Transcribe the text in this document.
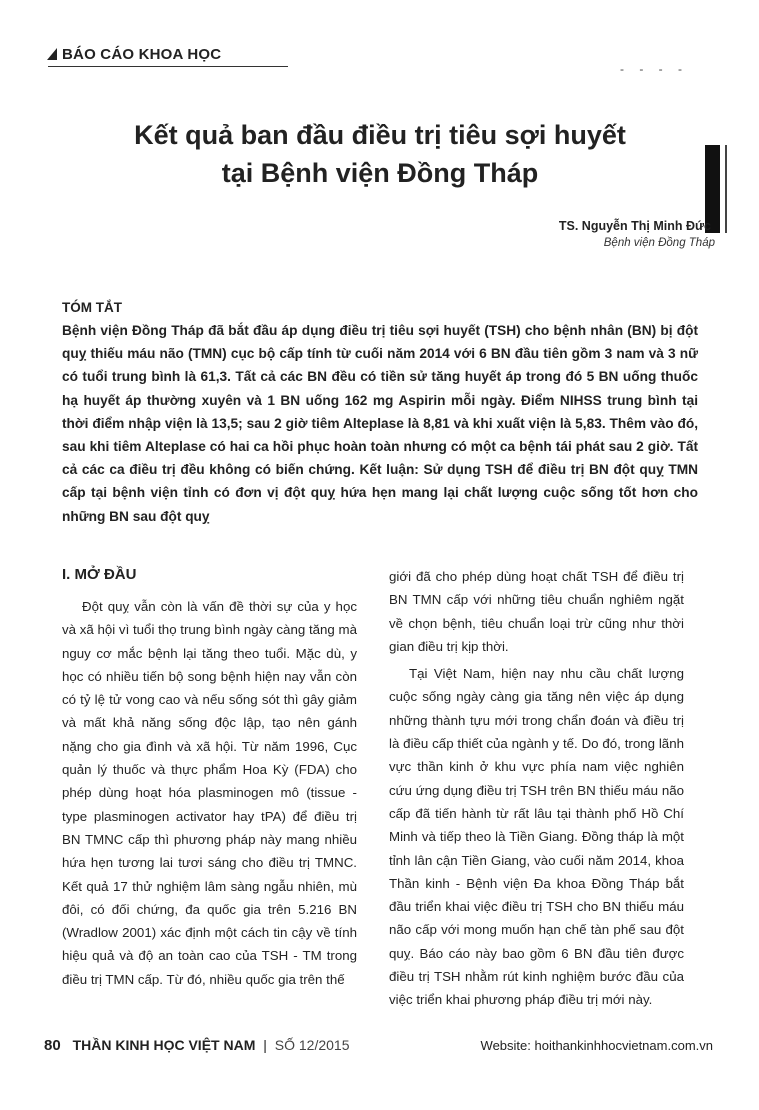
BÁO CÁO KHOA HỌC
- - - -
Kết quả ban đầu điều trị tiêu sợi huyết
tại Bệnh viện Đồng Tháp
TS. Nguyễn Thị Minh Đức
Bệnh viện Đồng Tháp
TÓM TẮT
Bệnh viện Đồng Tháp đã bắt đầu áp dụng điều trị tiêu sợi huyết (TSH) cho bệnh nhân (BN) bị đột quỵ thiếu máu não (TMN) cục bộ cấp tính từ cuối năm 2014 với 6 BN đầu tiên gồm 3 nam và 3 nữ có tuổi trung bình là 61,3. Tất cả các BN đều có tiền sử tăng huyết áp trong đó 5 BN uống thuốc hạ huyết áp thường xuyên và 1 BN uống 162 mg Aspirin mỗi ngày. Điểm NIHSS trung bình tại thời điểm nhập viện là 13,5; sau 2 giờ tiêm Alteplase là 8,81 và khi xuất viện là 5,83. Thêm vào đó, sau khi tiêm Alteplase có hai ca hồi phục hoàn toàn nhưng có một ca bệnh tái phát sau 2 giờ. Tất cả các ca điều trị đều không có biến chứng. Kết luận: Sử dụng TSH để điều trị BN đột quỵ TMN cấp tại bệnh viện tỉnh có đơn vị đột quỵ hứa hẹn mang lại chất lượng cuộc sống tốt hơn cho những BN sau đột quỵ
I. MỞ ĐẦU

Đột quỵ vẫn còn là vấn đề thời sự của y học và xã hội vì tuổi thọ trung bình ngày càng tăng mà nguy cơ mắc bệnh lại tăng theo tuổi. Mặc dù, y học có nhiều tiến bộ song bệnh hiện nay vẫn còn có tỷ lệ tử vong cao và nếu sống sót thì gây giảm và mất khả năng sống độc lập, tạo nên gánh nặng cho gia đình và xã hội. Từ năm 1996, Cục quản lý thuốc và thực phẩm Hoa Kỳ (FDA) cho phép dùng hoạt hóa plasminogen mô (tissue - type plasminogen activator hay tPA) để điều trị BN TMNC cấp thì phương pháp này mang nhiều hứa hẹn tương lai tươi sáng cho điều trị TMNC. Kết quả 17 thử nghiệm lâm sàng ngẫu nhiên, mù đôi, có đối chứng, đa quốc gia trên 5.216 BN (Wradlow 2001) xác định một cách tin cậy về tính hiệu quả và độ an toàn cao của TSH - TM trong điều trị TMN cấp. Từ đó, nhiều quốc gia trên thế

giới đã cho phép dùng hoạt chất TSH để điều trị BN TMN cấp với những tiêu chuẩn nghiêm ngặt về chọn bệnh, tiêu chuẩn loại trừ cũng như thời gian điều trị kịp thời.

Tại Việt Nam, hiện nay nhu cầu chất lượng cuộc sống ngày càng gia tăng nên việc áp dụng những thành tựu mới trong chẩn đoán và điều trị là điều cấp thiết của ngành y tế. Do đó, trong lãnh vực thần kinh ở khu vực phía nam việc nghiên cứu ứng dụng điều trị TSH trên BN thiếu máu não cấp đã tiến hành từ rất lâu tại thành phố Hồ Chí Minh và tiếp theo là Tiền Giang. Đồng tháp là một tỉnh lân cận Tiền Giang, vào cuối năm 2014, khoa Thần kinh - Bệnh viện Đa khoa Đồng Tháp bắt đầu triển khai việc điều trị TSH cho BN thiếu máu não cấp với mong muốn hạn chế tàn phế sau đột quỵ. Báo cáo này bao gồm 6 BN đầu tiên được điều trị TSH nhằm rút kinh nghiệm bước đầu của việc triển khai phương pháp điều trị mới này.

80 THẦN KINH HỌC VIỆT NAM | SỐ 12/2015	Website: hoithankinhhocvietnam.com.vn
